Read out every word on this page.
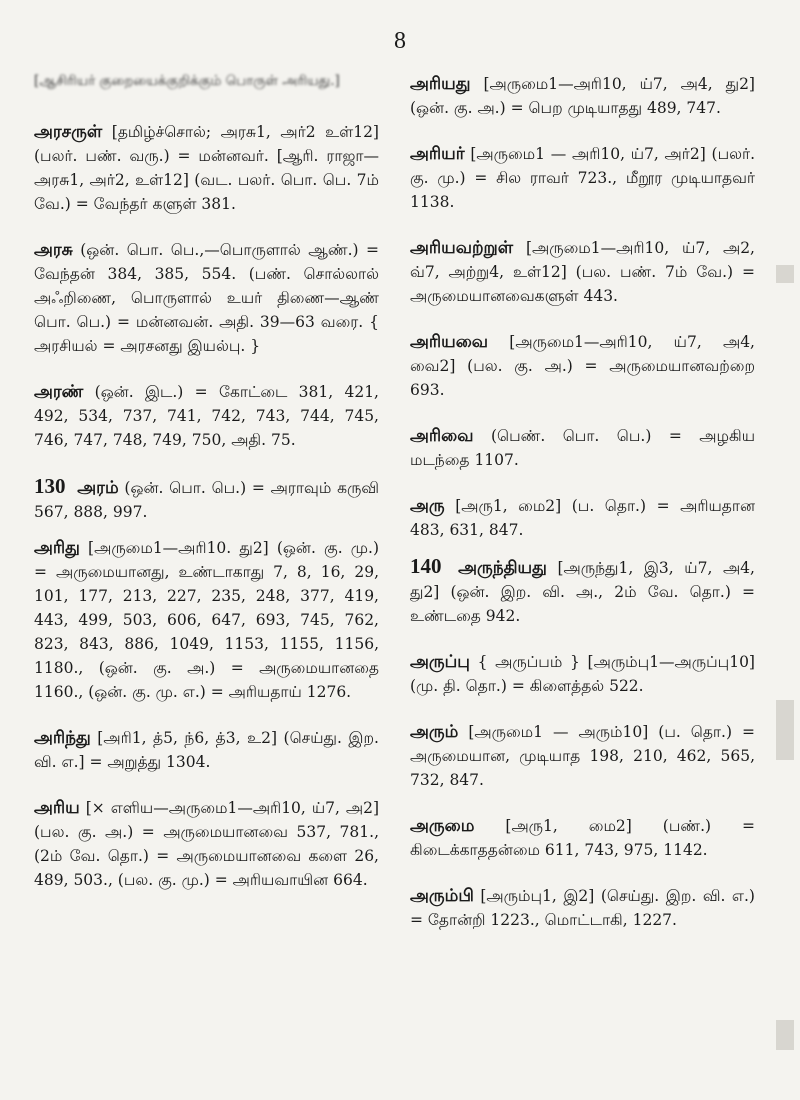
8
[ஆசிரியர் குறையைக்குறிக்கும் பொருள் அரியது.]
அரசருள் [தமிழ்ச்சொல்; அரசு1, அர்2 உள்12] (பலர். பண். வரு.) = மன்னவர். [ஆரி. ராஜா—அரசு1, அர்2, உள்12] (வட. பலர். பொ. பெ. 7ம் வே.) = வேந்தர் களுள் 381.
அரசு (ஒன். பொ. பெ.,—பொருளால் ஆண்.) = வேந்தன் 384, 385, 554. (பண். சொல்லால் அஃறிணை, பொருளால் உயர் திணை—ஆண் பொ. பெ.) = மன்னவன். அதி. 39—63 வரை. { அரசியல் = அரசனது இயல்பு. }
அரண் (ஒன். இட.) = கோட்டை 381, 421, 492, 534, 737, 741, 742, 743, 744, 745, 746, 747, 748, 749, 750, அதி. 75.
130 அரம் (ஒன். பொ. பெ.) = அராவும் கருவி 567, 888, 997.
அரிது [அருமை1—அரி10. து2] (ஒன். கு. மு.) = அருமையானது, உண்டாகாது 7, 8, 16, 29, 101, 177, 213, 227, 235, 248, 377, 419, 443, 499, 503, 606, 647, 693, 745, 762, 823, 843, 886, 1049, 1153, 1155, 1156, 1180., (ஒன். கு. அ.) = அருமையானதை 1160., (ஒன். கு. மு. எ.) = அரியதாய் 1276.
அரிந்து [அரி1, த்5, ந்6, த்3, உ2] (செய்து. இற. வி. எ.] = அறுத்து 1304.
அரிய [× எளிய—அருமை1—அரி10, ய்7, அ2] (பல. கு. அ.) = அருமையானவை 537, 781., (2ம் வே. தொ.) = அருமையானவை களை 26, 489, 503., (பல. கு. மு.) = அரியவாயின 664.
அரியது [அருமை1—அரி10, ய்7, அ4, து2] (ஒன். கு. அ.) = பெற முடியாதது 489, 747.
அரியர் [அருமை1 — அரி10, ய்7, அர்2] (பலர். கு. மு.) = சில ராவர் 723., மீறூர முடியாதவர் 1138.
அரியவற்றுள் [அருமை1—அரி10, ய்7, அ2, வ்7, அற்று4, உள்12] (பல. பண். 7ம் வே.) = அருமையானவைகளுள் 443.
அரியவை [அருமை1—அரி10, ய்7, அ4, வை2] (பல. கு. அ.) = அருமையானவற்றை 693.
அரிவை (பெண். பொ. பெ.) = அழகிய மடந்தை 1107.
அரு [அரு1, மை2] (ப. தொ.) = அரியதான 483, 631, 847.
140 அருந்தியது [அருந்து1, இ3, ய்7, அ4, து2] (ஒன். இற. வி. அ., 2ம் வே. தொ.) = உண்டதை 942.
அருப்பு { அருப்பம் } [அரும்பு1—அருப்பு10] (மு. தி. தொ.) = கிளைத்தல் 522.
அரும் [அருமை1 — அரும்10] (ப. தொ.) = அருமையான, முடியாத 198, 210, 462, 565, 732, 847.
அருமை [அரு1, மை2] (பண்.) = கிடைக்காததன்மை 611, 743, 975, 1142.
அரும்பி [அரும்பு1, இ2] (செய்து. இற. வி. எ.) = தோன்றி 1223., மொட்டாகி, 1227.
